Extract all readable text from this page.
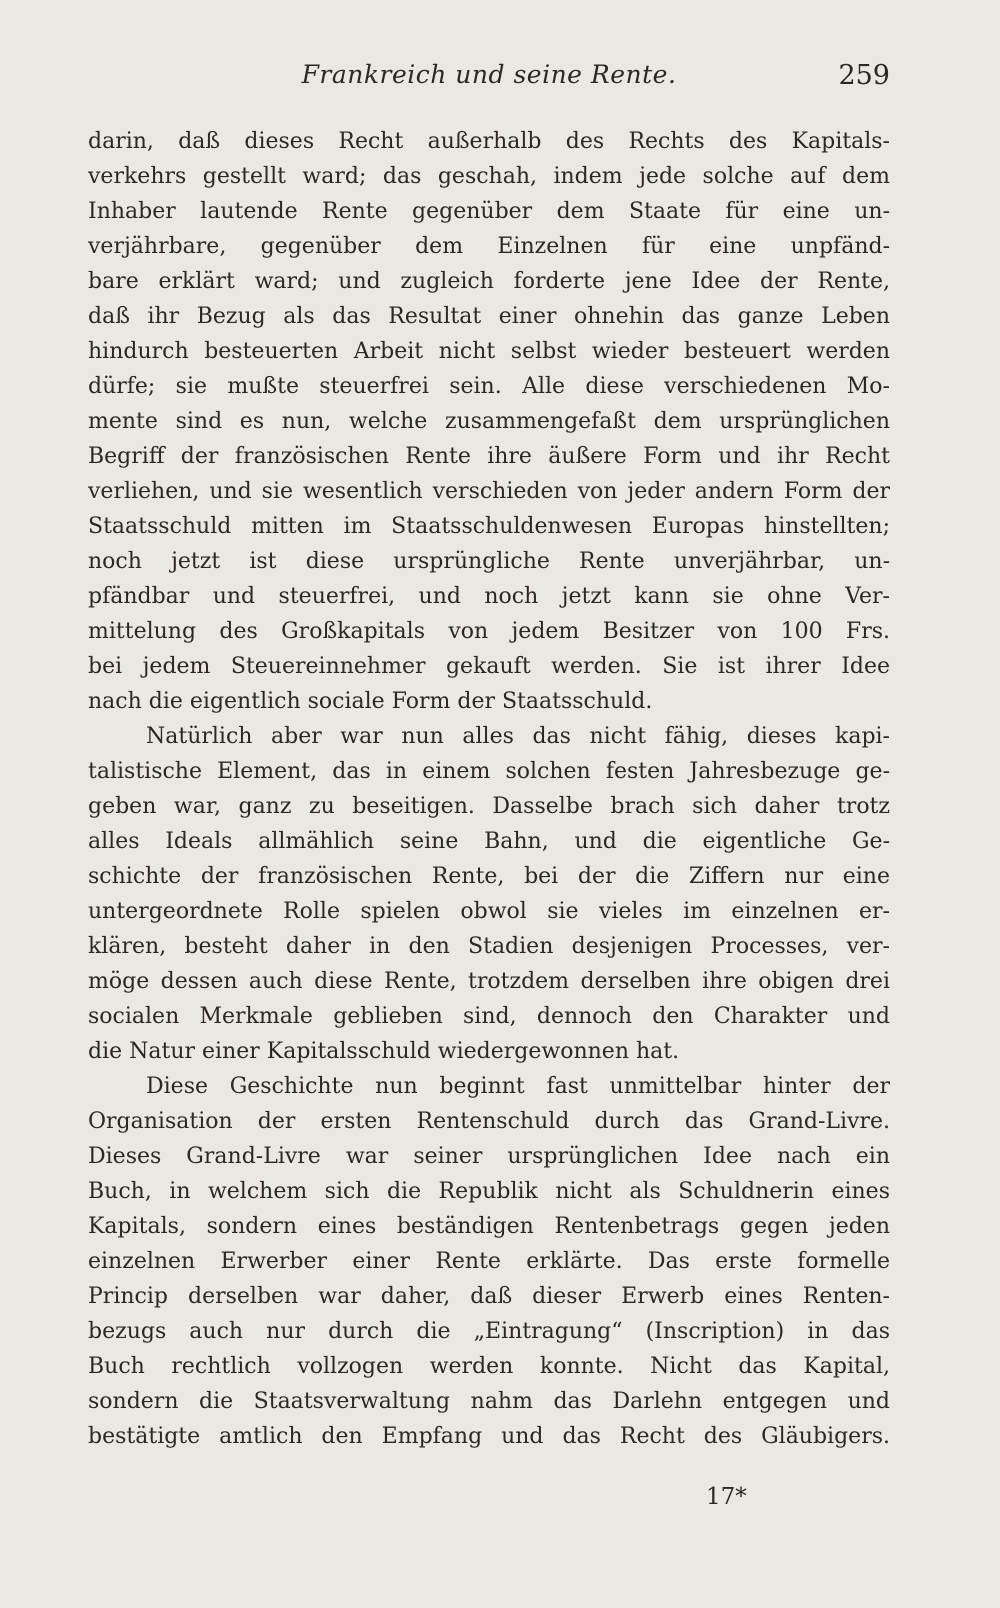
Frankreich und seine Rente.	259
darin, daß dieses Recht außerhalb des Rechts des Kapitals-
verkehrs gestellt ward; das geschah, indem jede solche auf dem
Inhaber lautende Rente gegenüber dem Staate für eine un-
verjährbare, gegenüber dem Einzelnen für eine unpfänd-
bare erklärt ward; und zugleich forderte jene Idee der Rente,
daß ihr Bezug als das Resultat einer ohnehin das ganze Leben
hindurch besteuerten Arbeit nicht selbst wieder besteuert werden
dürfe; sie mußte steuerfrei sein. Alle diese verschiedenen Mo-
mente sind es nun, welche zusammengefaßt dem ursprünglichen
Begriff der französischen Rente ihre äußere Form und ihr Recht
verliehen, und sie wesentlich verschieden von jeder andern Form der
Staatsschuld mitten im Staatsschuldenwesen Europas hinstellten;
noch jetzt ist diese ursprüngliche Rente unverjährbar, un-
pfändbar und steuerfrei, und noch jetzt kann sie ohne Ver-
mittelung des Großkapitals von jedem Besitzer von 100 Frs.
bei jedem Steuereinnehmer gekauft werden. Sie ist ihrer Idee
nach die eigentlich sociale Form der Staatsschuld.
Natürlich aber war nun alles das nicht fähig, dieses kapi-
talistische Element, das in einem solchen festen Jahresbezuge ge-
geben war, ganz zu beseitigen. Dasselbe brach sich daher trotz
alles Ideals allmählich seine Bahn, und die eigentliche Ge-
schichte der französischen Rente, bei der die Ziffern nur eine
untergeordnete Rolle spielen obwol sie vieles im einzelnen er-
klären, besteht daher in den Stadien desjenigen Processes, ver-
möge dessen auch diese Rente, trotzdem derselben ihre obigen drei
socialen Merkmale geblieben sind, dennoch den Charakter und
die Natur einer Kapitalsschuld wiedergewonnen hat.
Diese Geschichte nun beginnt fast unmittelbar hinter der
Organisation der ersten Rentenschuld durch das Grand-Livre.
Dieses Grand-Livre war seiner ursprünglichen Idee nach ein
Buch, in welchem sich die Republik nicht als Schuldnerin eines
Kapitals, sondern eines beständigen Rentenbetrags gegen jeden
einzelnen Erwerber einer Rente erklärte. Das erste formelle
Princip derselben war daher, daß dieser Erwerb eines Renten-
bezugs auch nur durch die „Eintragung“ (Inscription) in das
Buch rechtlich vollzogen werden konnte. Nicht das Kapital,
sondern die Staatsverwaltung nahm das Darlehn entgegen und
bestätigte amtlich den Empfang und das Recht des Gläubigers.
17*
